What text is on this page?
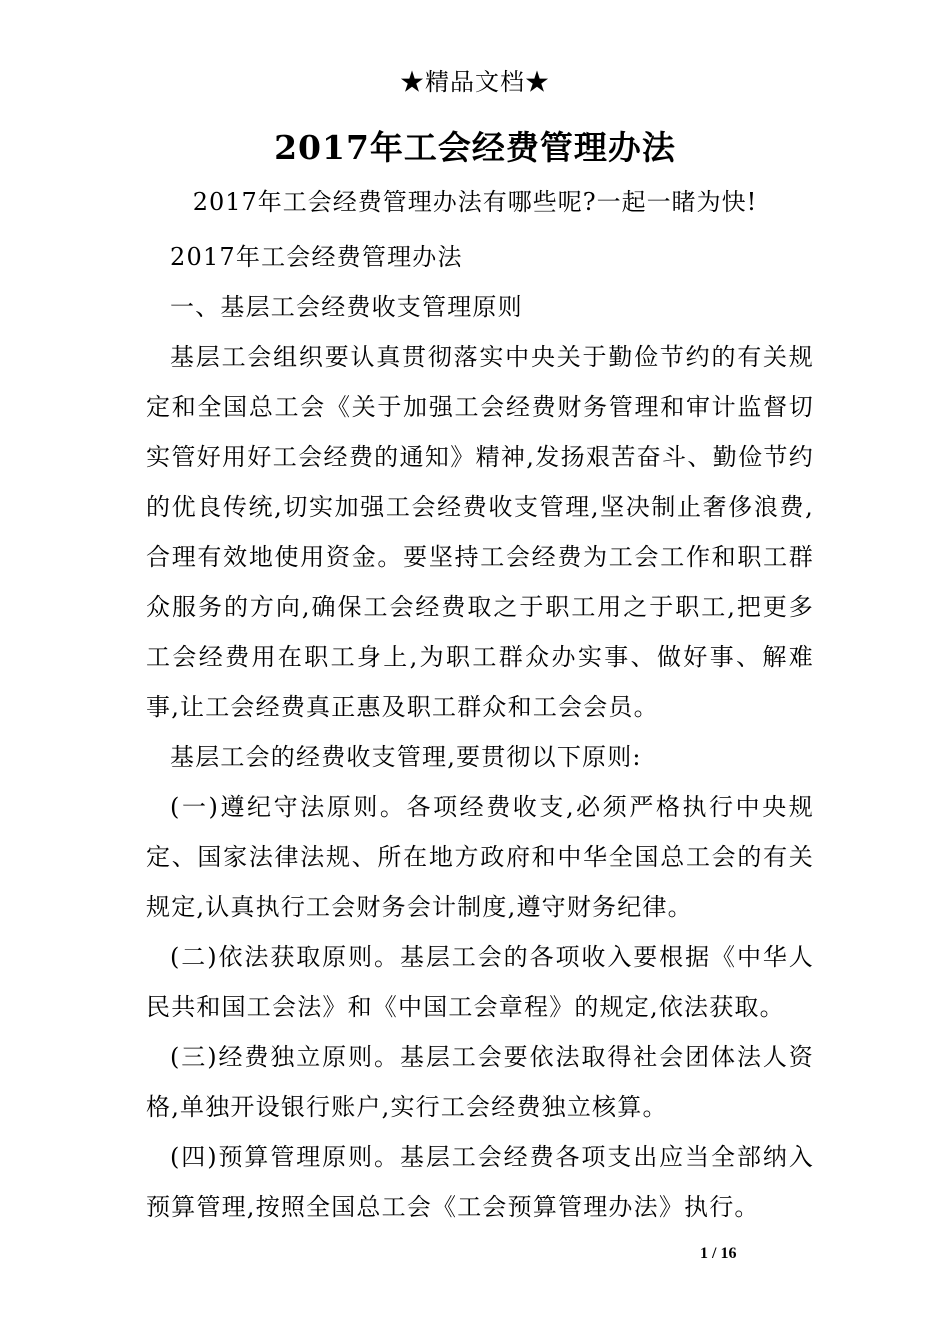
★精品文档★
2017年工会经费管理办法
2017年工会经费管理办法有哪些呢?一起一睹为快!

2017年工会经费管理办法

一、基层工会经费收支管理原则

基层工会组织要认真贯彻落实中央关于勤俭节约的有关规定和全国总工会《关于加强工会经费财务管理和审计监督切实管好用好工会经费的通知》精神,发扬艰苦奋斗、勤俭节约的优良传统,切实加强工会经费收支管理,坚决制止奢侈浪费,合理有效地使用资金。要坚持工会经费为工会工作和职工群众服务的方向,确保工会经费取之于职工用之于职工,把更多工会经费用在职工身上,为职工群众办实事、做好事、解难事,让工会经费真正惠及职工群众和工会会员。

基层工会的经费收支管理,要贯彻以下原则:

(一)遵纪守法原则。各项经费收支,必须严格执行中央规定、国家法律法规、所在地方政府和中华全国总工会的有关规定,认真执行工会财务会计制度,遵守财务纪律。

(二)依法获取原则。基层工会的各项收入要根据《中华人民共和国工会法》和《中国工会章程》的规定,依法获取。

(三)经费独立原则。基层工会要依法取得社会团体法人资格,单独开设银行账户,实行工会经费独立核算。

(四)预算管理原则。基层工会经费各项支出应当全部纳入预算管理,按照全国总工会《工会预算管理办法》执行。

1 / 16
